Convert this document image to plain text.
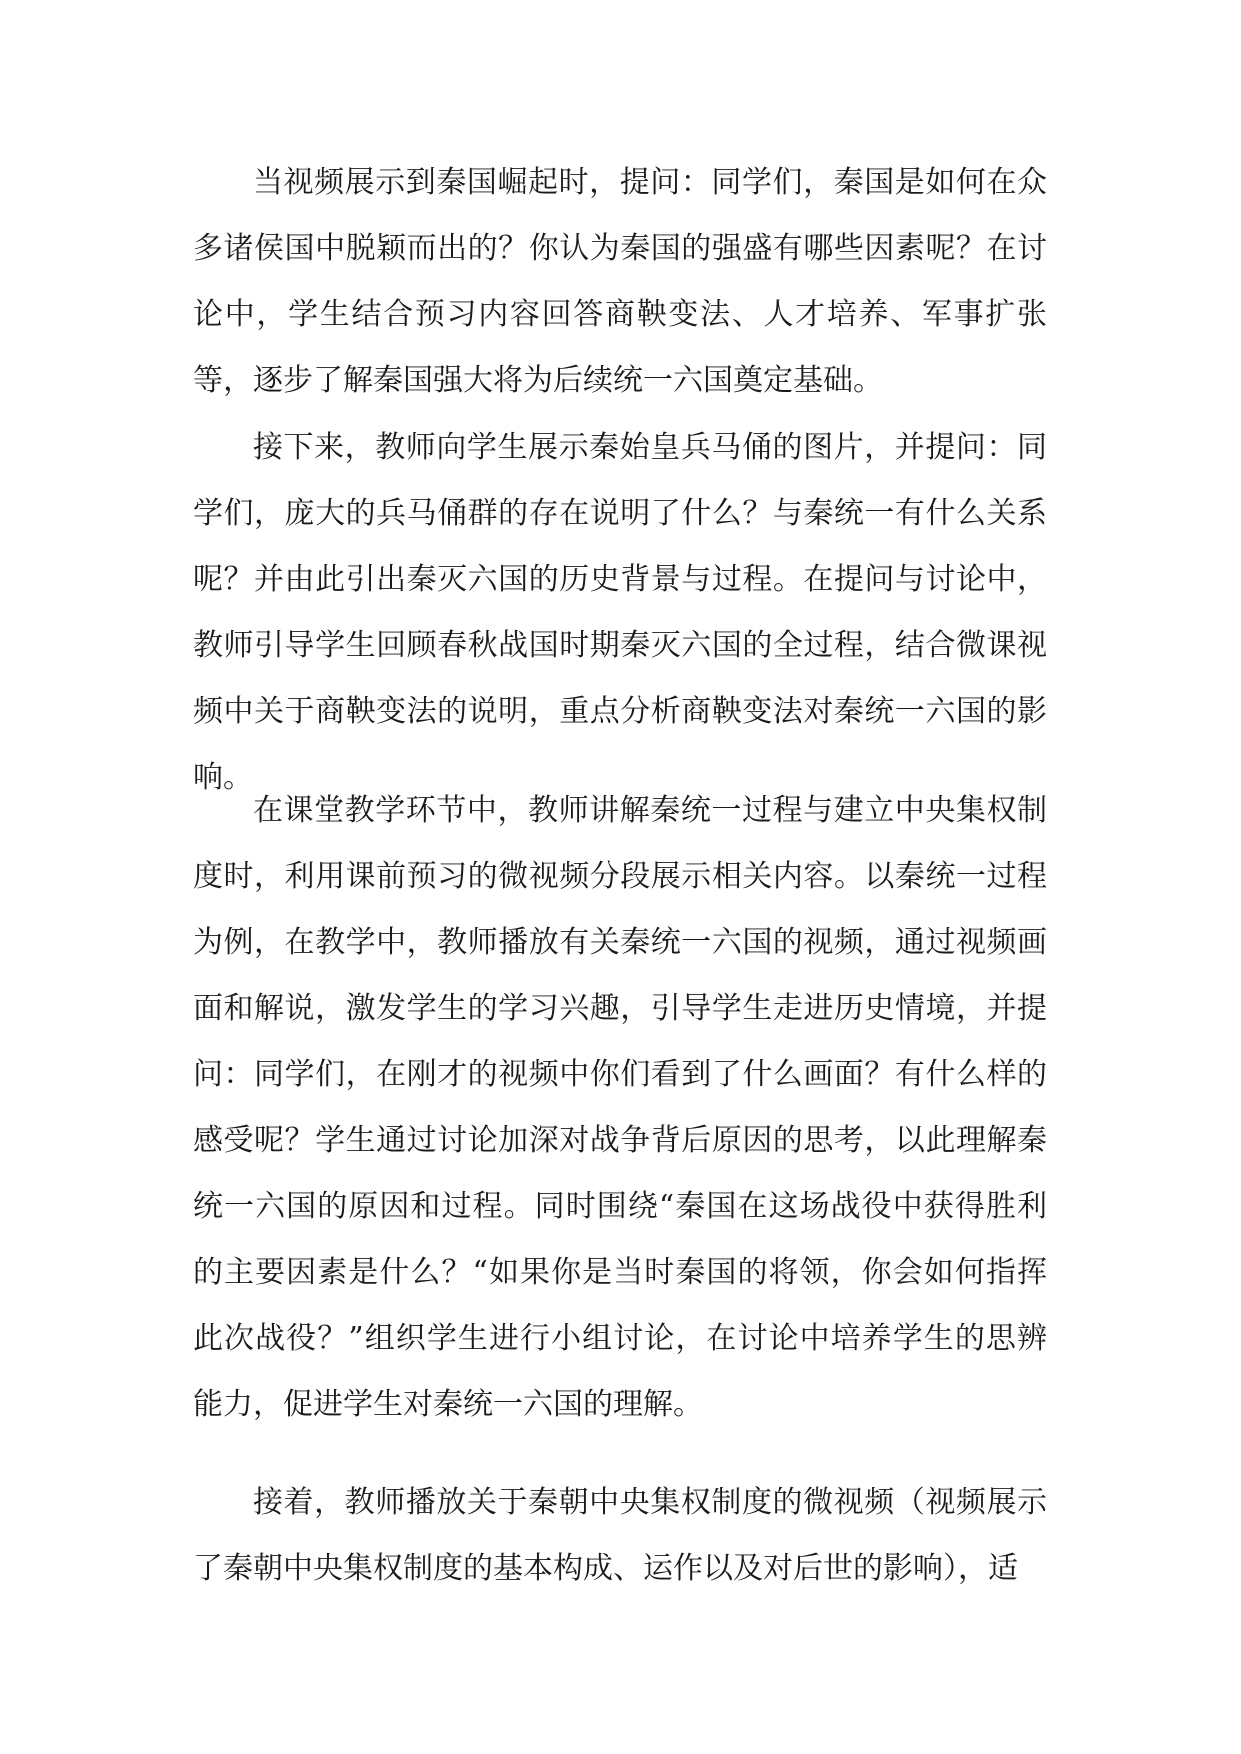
当视频展示到秦国崛起时，提问：同学们，秦国是如何在众多诸侯国中脱颖而出的？你认为秦国的强盛有哪些因素呢？在讨论中，学生结合预习内容回答商鞅变法、人才培养、军事扩张等，逐步了解秦国强大将为后续统一六国奠定基础。

接下来，教师向学生展示秦始皇兵马俑的图片，并提问：同学们，庞大的兵马俑群的存在说明了什么？与秦统一有什么关系呢？并由此引出秦灭六国的历史背景与过程。在提问与讨论中，教师引导学生回顾春秋战国时期秦灭六国的全过程，结合微课视频中关于商鞅变法的说明，重点分析商鞅变法对秦统一六国的影响。

在课堂教学环节中，教师讲解秦统一过程与建立中央集权制度时，利用课前预习的微视频分段展示相关内容。以秦统一过程为例，在教学中，教师播放有关秦统一六国的视频，通过视频画面和解说，激发学生的学习兴趣，引导学生走进历史情境，并提问：同学们，在刚才的视频中你们看到了什么画面？有什么样的感受呢？学生通过讨论加深对战争背后原因的思考，以此理解秦统一六国的原因和过程。同时围绕“秦国在这场战役中获得胜利的主要因素是什么？“如果你是当时秦国的将领，你会如何指挥此次战役？”组织学生进行小组讨论，在讨论中培养学生的思辨能力，促进学生对秦统一六国的理解。

接着，教师播放关于秦朝中央集权制度的微视频（视频展示了秦朝中央集权制度的基本构成、运作以及对后世的影响），适
